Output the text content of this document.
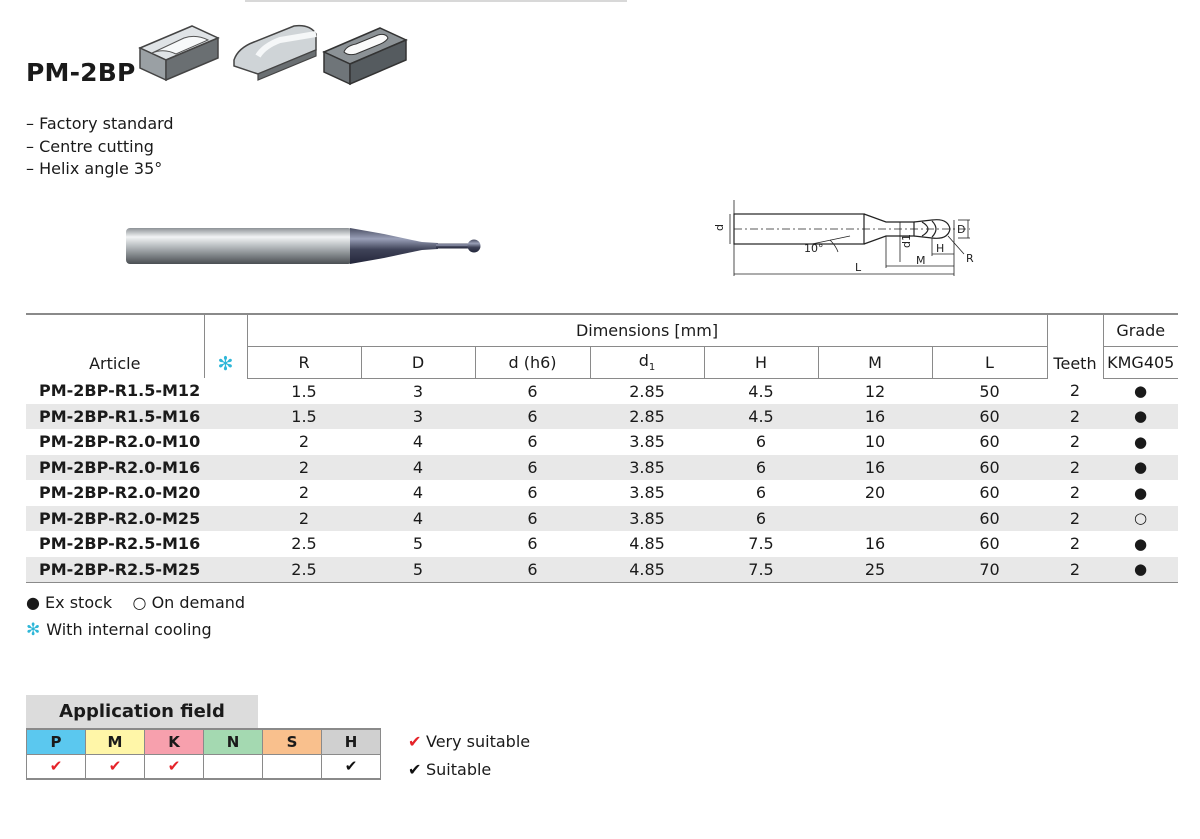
PM-2BP
– Factory standard
– Centre cutting
– Helix angle 35°
d
10°
L
d1
M
H
D
R
Article	✻	Dimensions [mm]							Teeth	Grade
		R	D	d (h6)	$d_1$	H	M	L		KMG405
PM-2BP-R1.5-M12		1.5	3	6	2.85	4.5	12	50	2	●
PM-2BP-R1.5-M16		1.5	3	6	2.85	4.5	16	60	2	●
PM-2BP-R2.0-M10		2	4	6	3.85	6	10	60	2	●
PM-2BP-R2.0-M16		2	4	6	3.85	6	16	60	2	●
PM-2BP-R2.0-M20		2	4	6	3.85	6	20	60	2	●
PM-2BP-R2.0-M25		2	4	6	3.85	6		60	2	○
PM-2BP-R2.5-M16		2.5	5	6	4.85	7.5	16	60	2	●
PM-2BP-R2.5-M25		2.5	5	6	4.85	7.5	25	70	2	●
● Ex stock ○ On demand
✻ With internal cooling
Application field
P	M	K	N	S	H
✔	✔	✔			✔
✔ Very suitable
✔ Suitable
